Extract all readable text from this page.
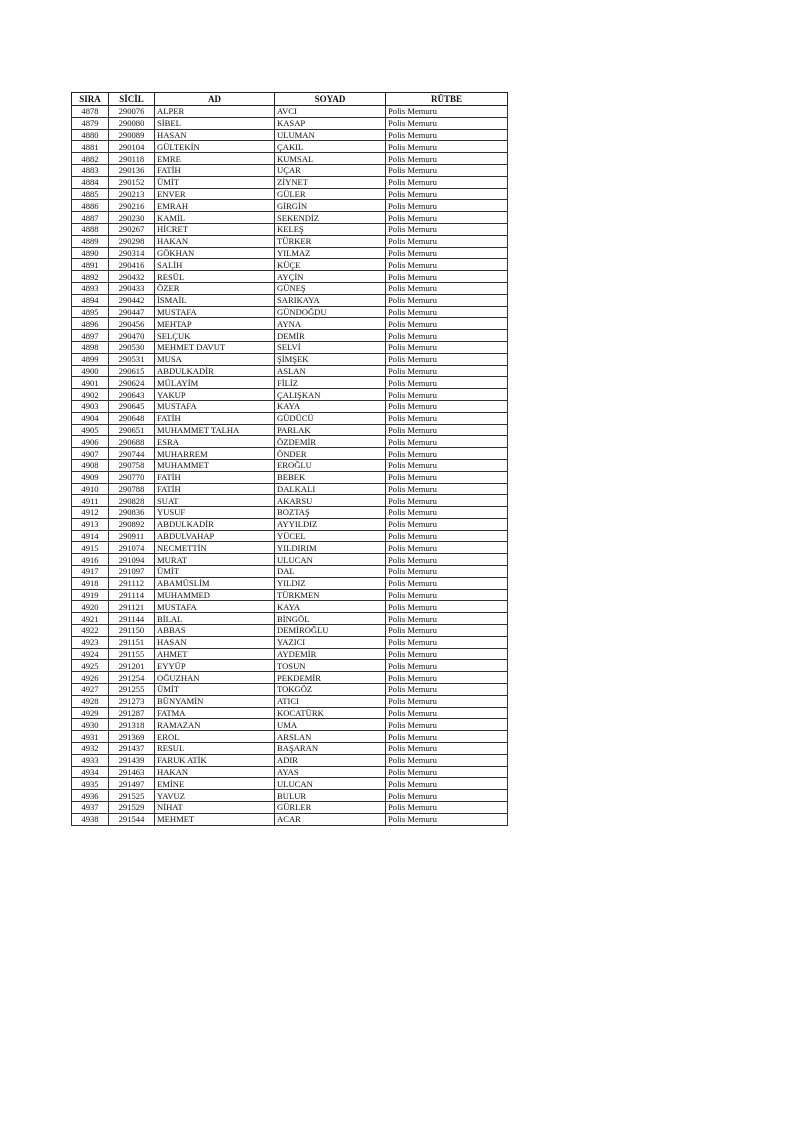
SIRA	SİCİL	AD	SOYAD	RÜTBE
4878	290076	ALPER	AVCI	Polis Memuru
4879	290080	SİBEL	KASAP	Polis Memuru
4880	290089	HASAN	ULUMAN	Polis Memuru
4881	290104	GÜLTEKİN	ÇAKIL	Polis Memuru
4882	290118	EMRE	KUMSAL	Polis Memuru
4883	290136	FATİH	UÇAR	Polis Memuru
4884	290152	ÜMİT	ZİYNET	Polis Memuru
4885	290213	ENVER	GÜLER	Polis Memuru
4886	290216	EMRAH	GİRGİN	Polis Memuru
4887	290230	KAMİL	SEKENDİZ	Polis Memuru
4888	290267	HİCRET	KELEŞ	Polis Memuru
4889	290298	HAKAN	TÜRKER	Polis Memuru
4890	290314	GÖKHAN	YILMAZ	Polis Memuru
4891	290416	SALİH	KÜÇE	Polis Memuru
4892	290432	RESÜL	AYÇİN	Polis Memuru
4893	290433	ÖZER	GÜNEŞ	Polis Memuru
4894	290442	İSMAİL	SARIKAYA	Polis Memuru
4895	290447	MUSTAFA	GÜNDOĞDU	Polis Memuru
4896	290456	MEHTAP	AYNA	Polis Memuru
4897	290470	SELÇUK	DEMİR	Polis Memuru
4898	290530	MEHMET DAVUT	SELVİ	Polis Memuru
4899	290531	MUSA	ŞİMŞEK	Polis Memuru
4900	290615	ABDULKADİR	ASLAN	Polis Memuru
4901	290624	MÜLAYİM	FİLİZ	Polis Memuru
4902	290643	YAKUP	ÇALIŞKAN	Polis Memuru
4903	290645	MUSTAFA	KAYA	Polis Memuru
4904	290648	FATİH	GÜDÜCÜ	Polis Memuru
4905	290651	MUHAMMET TALHA	PARLAK	Polis Memuru
4906	290688	ESRA	ÖZDEMİR	Polis Memuru
4907	290744	MUHARREM	ÖNDER	Polis Memuru
4908	290758	MUHAMMET	EROĞLU	Polis Memuru
4909	290770	FATİH	BEBEK	Polis Memuru
4910	290788	FATİH	DALKALI	Polis Memuru
4911	290828	SUAT	AKARSU	Polis Memuru
4912	290836	YUSUF	BOZTAŞ	Polis Memuru
4913	290892	ABDULKADİR	AYYILDIZ	Polis Memuru
4914	290911	ABDULVAHAP	YÜCEL	Polis Memuru
4915	291074	NECMETTİN	YILDIRIM	Polis Memuru
4916	291094	MURAT	ULUCAN	Polis Memuru
4917	291097	ÜMİT	DAL	Polis Memuru
4918	291112	ABAMÜSLİM	YILDIZ	Polis Memuru
4919	291114	MUHAMMED	TÜRKMEN	Polis Memuru
4920	291121	MUSTAFA	KAYA	Polis Memuru
4921	291144	BİLAL	BİNGÖL	Polis Memuru
4922	291150	ABBAS	DEMİROĞLU	Polis Memuru
4923	291151	HASAN	YAZICI	Polis Memuru
4924	291155	AHMET	AYDEMİR	Polis Memuru
4925	291201	EYYÜP	TOSUN	Polis Memuru
4926	291254	OĞUZHAN	PEKDEMİR	Polis Memuru
4927	291255	ÜMİT	TOKGÖZ	Polis Memuru
4928	291273	BÜNYAMİN	ATICI	Polis Memuru
4929	291287	FATMA	KOCATÜRK	Polis Memuru
4930	291318	RAMAZAN	UMA	Polis Memuru
4931	291369	EROL	ARSLAN	Polis Memuru
4932	291437	RESUL	BAŞARAN	Polis Memuru
4933	291439	FARUK ATİK	ADIR	Polis Memuru
4934	291463	HAKAN	AYAS	Polis Memuru
4935	291497	EMİNE	ULUCAN	Polis Memuru
4936	291525	YAVUZ	BULUR	Polis Memuru
4937	291529	NİHAT	GÜRLER	Polis Memuru
4938	291544	MEHMET	ACAR	Polis Memuru
